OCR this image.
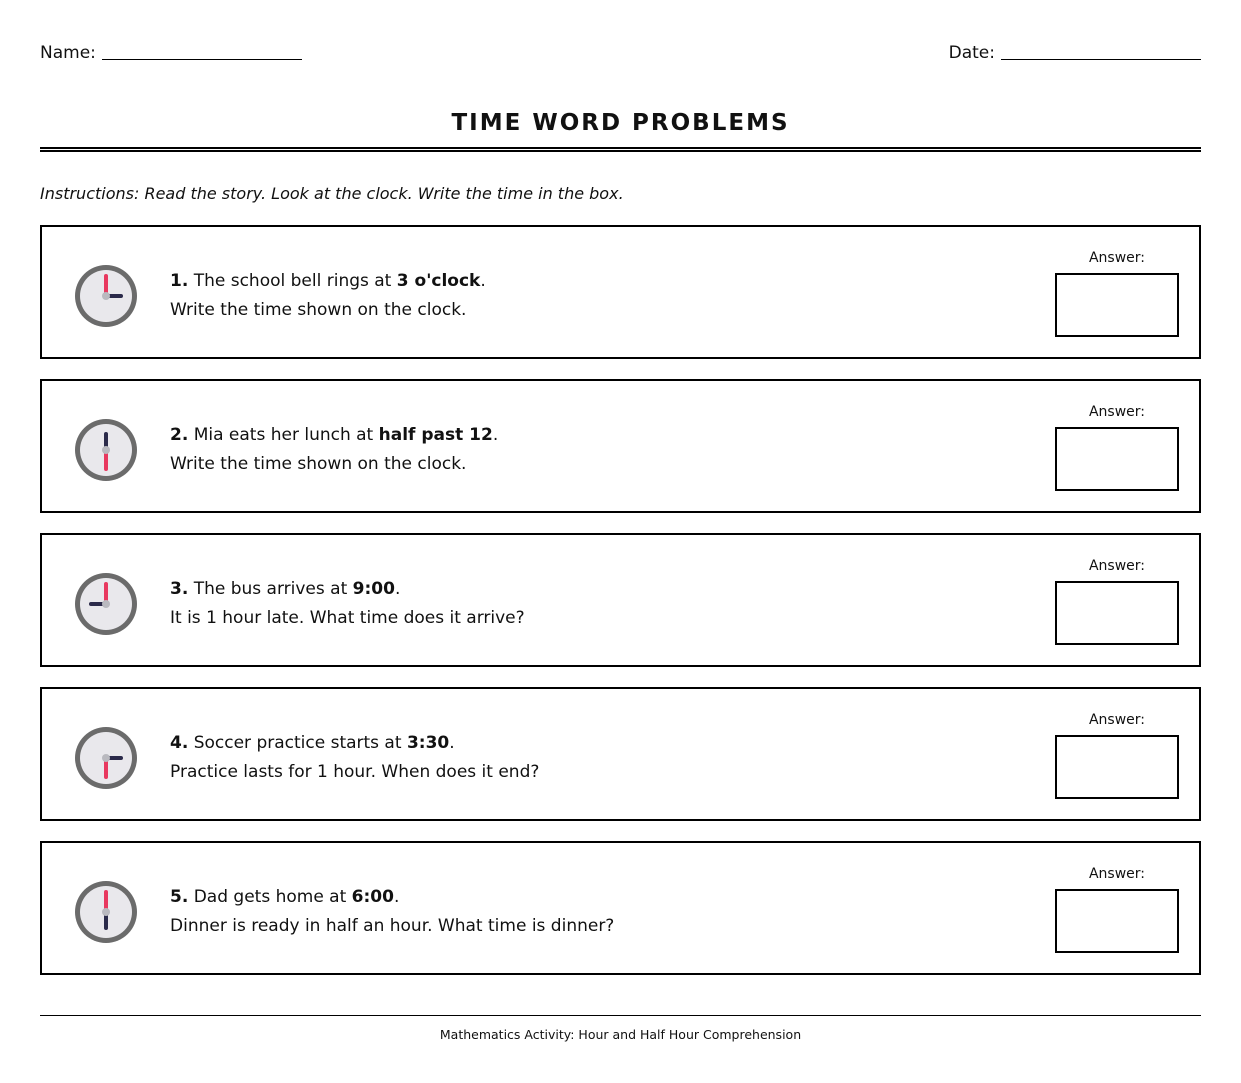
Name:	Date:
TIME WORD PROBLEMS
Instructions: Read the story. Look at the clock. Write the time in the box.
1. The school bell rings at 3 o'clock.
Write the time shown on the clock.
Answer:
2. Mia eats her lunch at half past 12.
Write the time shown on the clock.
Answer:
3. The bus arrives at 9:00.
It is 1 hour late. What time does it arrive?
Answer:
4. Soccer practice starts at 3:30.
Practice lasts for 1 hour. When does it end?
Answer:
5. Dad gets home at 6:00.
Dinner is ready in half an hour. What time is dinner?
Answer:
Mathematics Activity: Hour and Half Hour Comprehension
